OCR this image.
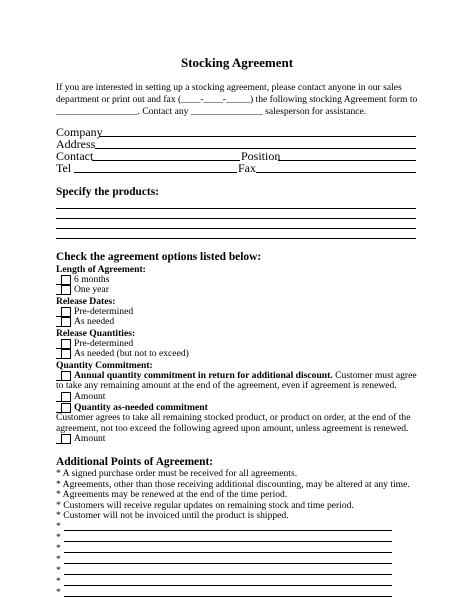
Stocking Agreement
If you are interested in setting up a stocking agreement, please contact anyone in our sales
department or print out and fax (____-____-_____) the following stocking Agreement form to
_________________. Contact any _______________ salesperson for assistance.
Company
Address
Contact	Position
Tel	Fax
Specify the products:
Check the agreement options listed below:
Length of Agreement:
6 months
One year
Release Dates:
Pre-determined
As needed
Release Quantities:
Pre-determined
As needed (but not to exceed)
Quantity Commitment:
Annual quantity commitment in return for additional discount. Customer must agree
to take any remaining amount at the end of the agreement, even if agreement is renewed.
Amount
Quantity as-needed commitment
Customer agrees to take all remaining stocked product, or product on order, at the end of the
agreement, not too exceed the following agreed upon amount, unless agreement is renewed.
Amount
Additional Points of Agreement:
* A signed purchase order must be received for all agreements.
* Agreements, other than those receiving additional discounting, may be altered at any time.
* Agreements may be renewed at the end of the time period.
* Customers will receive regular updates on remaining stock and time period.
* Customer will not be invoiced until the product is shipped.
*
*
*
*
*
*
*
